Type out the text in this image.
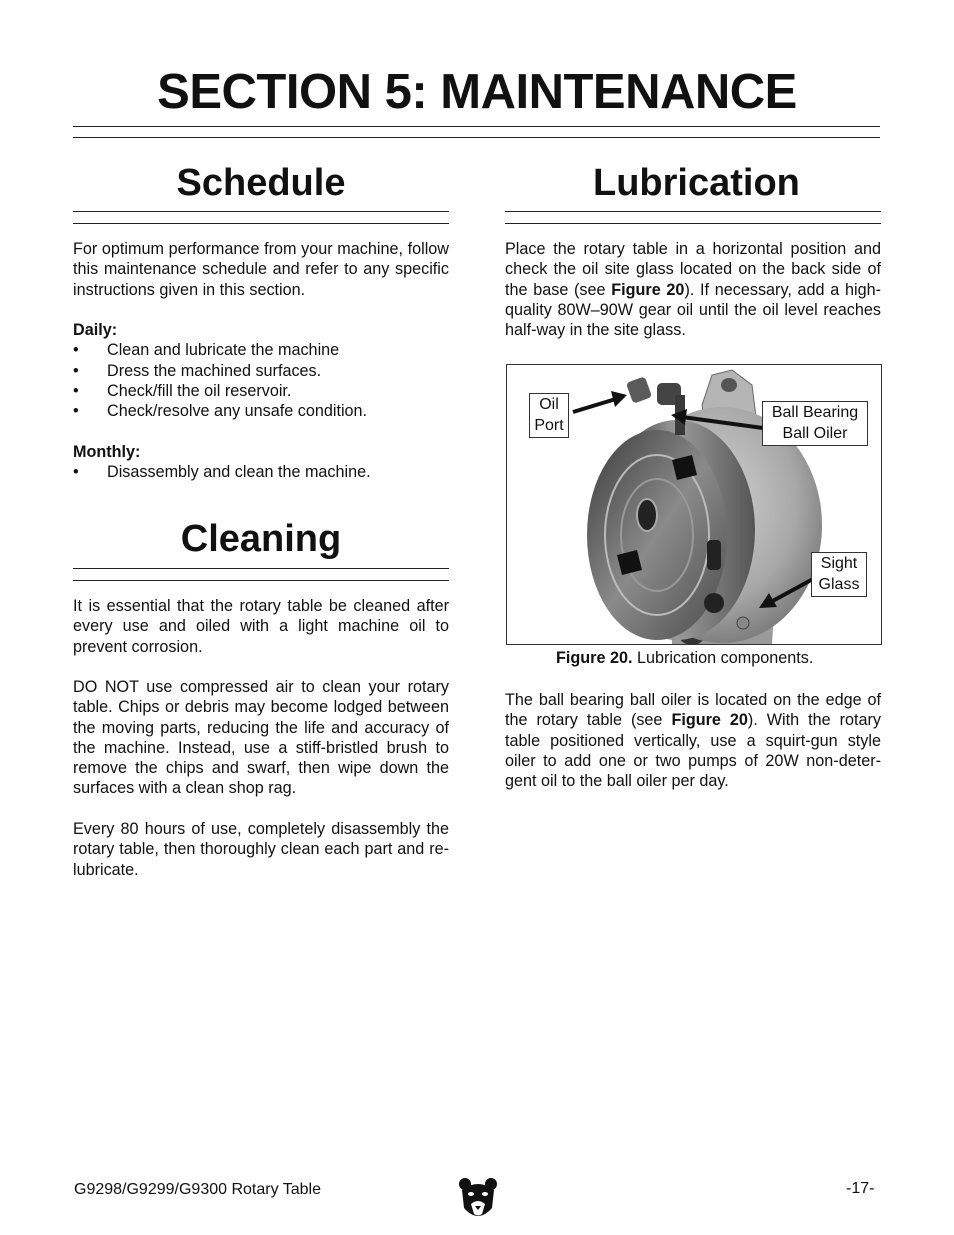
SECTION 5: MAINTENANCE
Schedule

For optimum performance from your machine, follow this maintenance schedule and refer to any specific instructions given in this section.

Daily:
• Clean and lubricate the machine
• Dress the machined surfaces.
• Check/fill the oil reservoir.
• Check/resolve any unsafe condition.
Monthly:
• Disassembly and clean the machine.
Cleaning

It is essential that the rotary table be cleaned after every use and oiled with a light machine oil to prevent corrosion.

DO NOT use compressed air to clean your rotary table. Chips or debris may become lodged between the moving parts, reducing the life and accuracy of the machine. Instead, use a stiff-bristled brush to remove the chips and swarf, then wipe down the surfaces with a clean shop rag.

Every 80 hours of use, completely disassembly the rotary table, then thoroughly clean each part and re-lubricate.

Lubrication

Place the rotary table in a horizontal position and check the oil site glass located on the back side of the base (see Figure 20). If necessary, add a high-quality 80W–90W gear oil until the oil level reaches half-way in the site glass.

Oil
Port
Ball Bearing
Ball Oiler
Sight
Glass
Figure 20. Lubrication components.

The ball bearing ball oiler is located on the edge of the rotary table (see Figure 20). With the rotary table positioned vertically, use a squirt-gun style oiler to add one or two pumps of 20W non-deter-gent oil to the ball oiler per day.

G9298/G9299/G9300 Rotary Table	-17-
